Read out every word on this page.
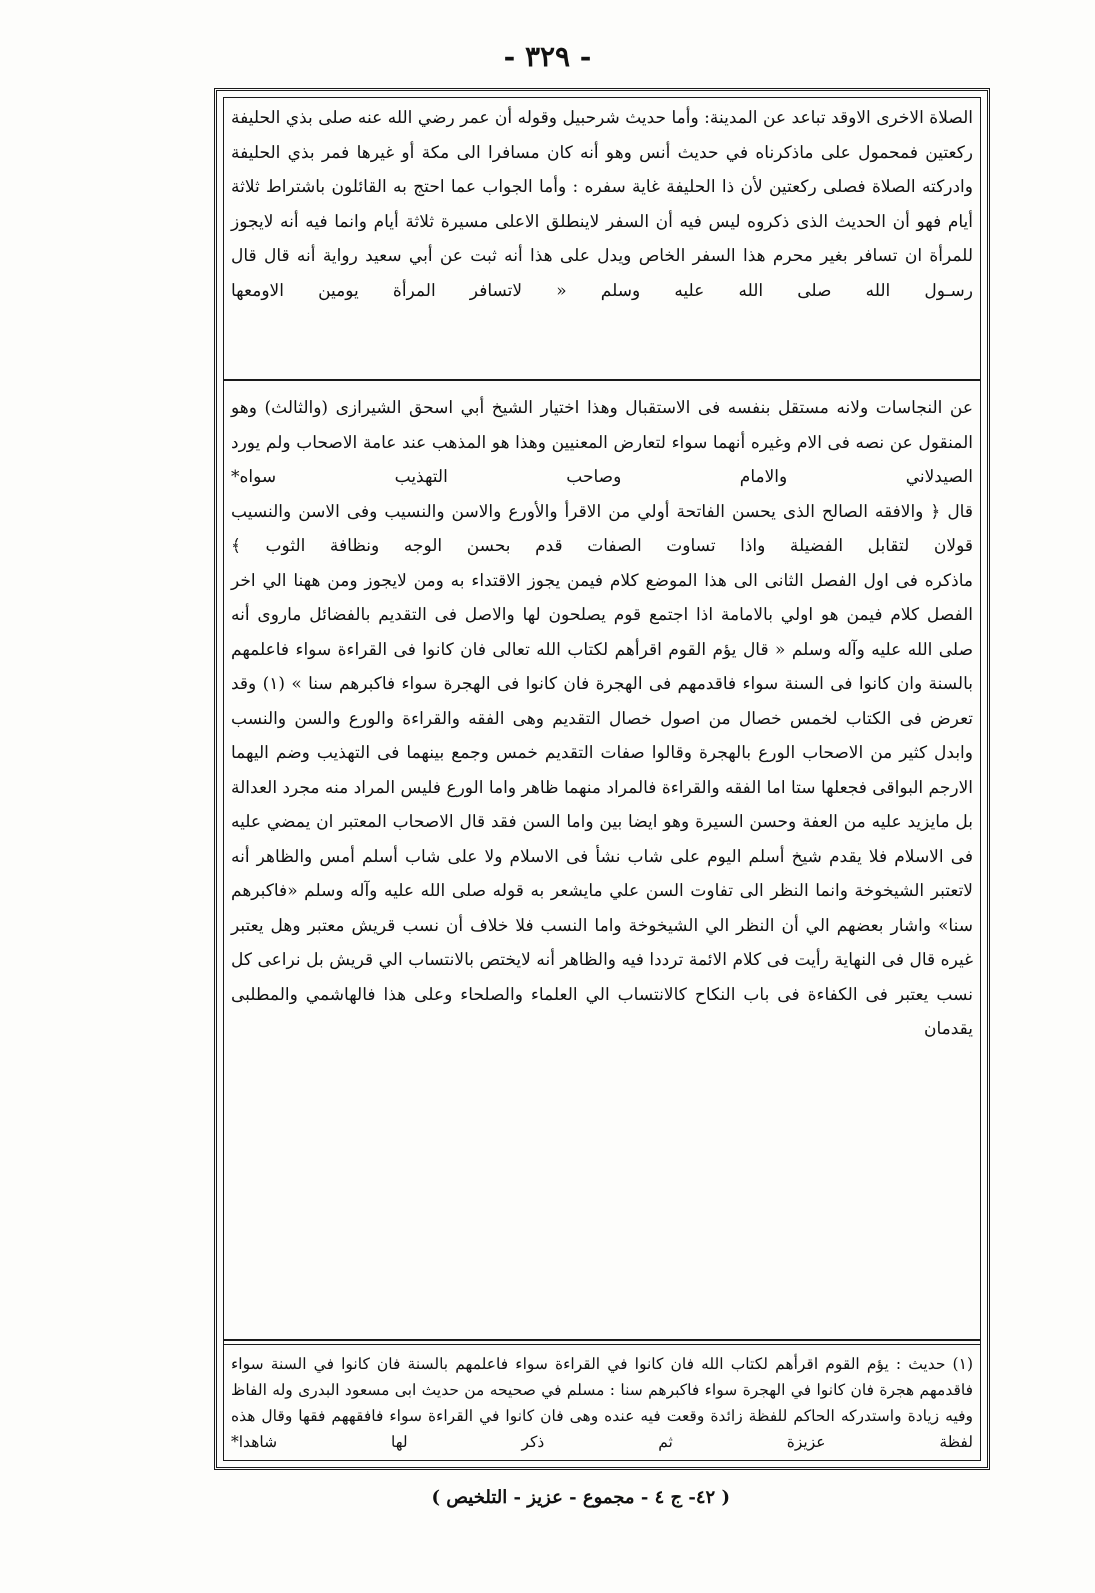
- ٣٢٩ -

الصلاة الاخرى الاوقد تباعد عن المدينة: وأما حديث شرحبيل وقوله أن عمر رضي الله عنه صلى بذي الحليفة ركعتين فمحمول على ماذكرناه في حديث أنس وهو أنه كان مسافرا الى مكة أو غيرها فمر بذي الحليفة وادركته الصلاة فصلى ركعتين لأن ذا الحليفة غاية سفره : وأما الجواب عما احتج به القائلون باشتراط ثلاثة أيام فهو أن الحديث الذى ذكروه ليس فيه أن السفر لاينطلق الاعلى مسيرة ثلاثة أيام وانما فيه أنه لايجوز للمرأة ان تسافر بغير محرم هذا السفر الخاص ويدل على هذا أنه ثبت عن أبي سعيد رواية أنه قال قال رسـول الله صلى الله عليه وسلم « لاتسافر المرأة يومين الاومعها

عن النجاسات ولانه مستقل بنفسه فى الاستقبال وهذا اختيار الشيخ أبي اسحق الشيرازى (والثالث) وهو المنقول عن نصه فى الام وغيره أنهما سواء لتعارض المعنيين وهذا هو المذهب عند عامة الاصحاب ولم يورد الصيدلاني والامام وصاحب التهذيب سواه*

قال ﴿ والافقه الصالح الذى يحسن الفاتحة أولي من الاقرأ والأورع والاسن والنسيب وفى الاسن والنسيب قولان لتقابل الفضيلة واذا تساوت الصفات قدم بحسن الوجه ونظافة الثوب ﴾

ماذكره فى اول الفصل الثانى الى هذا الموضع كلام فيمن يجوز الاقتداء به ومن لايجوز ومن ههنا الي اخر الفصل كلام فيمن هو اولي بالامامة اذا اجتمع قوم يصلحون لها والاصل فى التقديم بالفضائل ماروى أنه صلى الله عليه وآله وسلم « قال يؤم القوم اقرأهم لكتاب الله تعالى فان كانوا فى القراءة سواء فاعلمهم بالسنة وان كانوا فى السنة سواء فاقدمهم فى الهجرة فان كانوا فى الهجرة سواء فاكبرهم سنا » (١) وقد تعرض فى الكتاب لخمس خصال من اصول خصال التقديم وهى الفقه والقراءة والورع والسن والنسب وابدل كثير من الاصحاب الورع بالهجرة وقالوا صفات التقديم خمس وجمع بينهما فى التهذيب وضم اليهما الارجم البواقى فجعلها ستا اما الفقه والقراءة فالمراد منهما ظاهر واما الورع فليس المراد منه مجرد العدالة بل مايزيد عليه من العفة وحسن السيرة وهو ايضا بين واما السن فقد قال الاصحاب المعتبر ان يمضي عليه فى الاسلام فلا يقدم شيخ أسلم اليوم على شاب نشأ فى الاسلام ولا على شاب أسلم أمس والظاهر أنه لاتعتبر الشيخوخة وانما النظر الى تفاوت السن علي مايشعر به قوله صلى الله عليه وآله وسلم «فاكبرهم سنا» واشار بعضهم الي أن النظر الي الشيخوخة واما النسب فلا خلاف أن نسب قريش معتبر وهل يعتبر غيره قال فى النهاية رأيت فى كلام الائمة ترددا فيه والظاهر أنه لايختص بالانتساب الي قريش بل نراعى كل نسب يعتبر فى الكفاءة فى باب النكاح كالانتساب الي العلماء والصلحاء وعلى هذا فالهاشمي والمطلبى يقدمان

(١) حديث : يؤم القوم اقرأهم لكتاب الله فان كانوا في القراءة سواء فاعلمهم بالسنة فان كانوا في السنة سواء فاقدمهم هجرة فان كانوا في الهجرة سواء فاكبرهم سنا : مسلم في صحيحه من حديث ابى مسعود البدرى وله الفاظ وفيه زيادة واستدركه الحاكم للفظة زائدة وقعت فيه عنده وهى فان كانوا في القراءة سواء فافقههم فقها وقال هذه لفظة عزيزة ثم ذكر لها شاهدا*

( ٤٢- ج ٤ - مجموع - عزيز - التلخيص )
